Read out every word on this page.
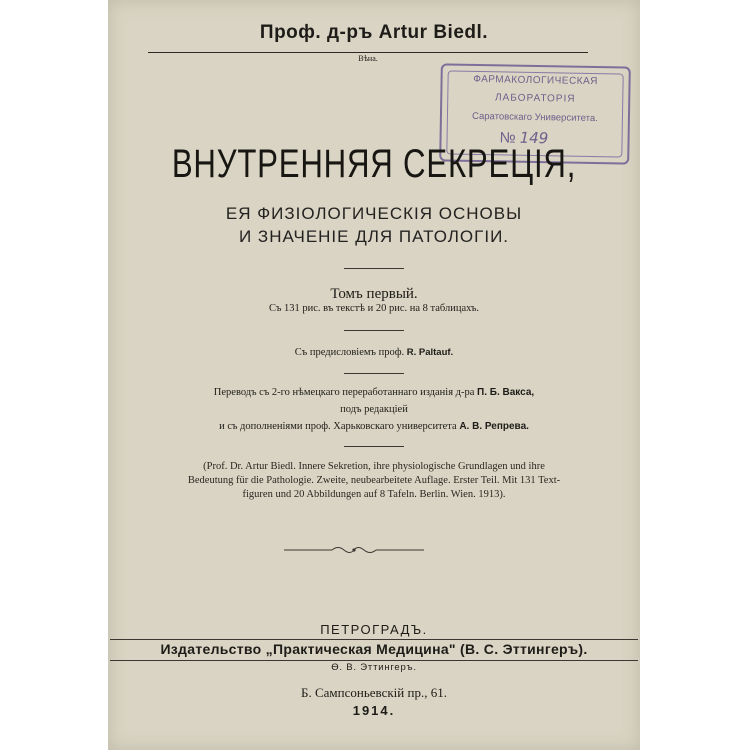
Проф. д-ръ Artur Biedl.
Вѣна.
ФАРМАКОЛОГИЧЕСКАЯ
ЛАБОРАТОРІЯ
Саратовскаго Университета.
№ 149
ВНУТРЕННЯЯ СЕКРЕЦІЯ,
ЕЯ ФИЗІОЛОГИЧЕСКІЯ ОСНОВЫ
И ЗНАЧЕНІЕ ДЛЯ ПАТОЛОГІИ.
Томъ первый.
Съ 131 рис. въ текстѣ и 20 рис. на 8 таблицахъ.
Съ предисловіемъ проф. R. Paltauf.
Переводъ съ 2-го нѣмецкаго переработаннаго изданія д-ра П. Б. Вакса,
подъ редакціей
и съ дополненіями проф. Харьковскаго университета А. В. Репрева.
(Prof. Dr. Artur Biedl. Innere Sekretion, ihre physiologische Grundlagen und ihre
Bedeutung für die Pathologie. Zweite, neubearbeitete Auflage. Erster Teil. Mit 131 Text-
figuren und 20 Abbildungen auf 8 Tafeln. Berlin. Wien. 1913).
ПЕТРОГРАДЪ.
Издательство „Практическая Медицина" (В. С. Эттингеръ).
Ѳ. В. Эттингеръ.
Б. Сампсоньевскій пр., 61.
1914.
